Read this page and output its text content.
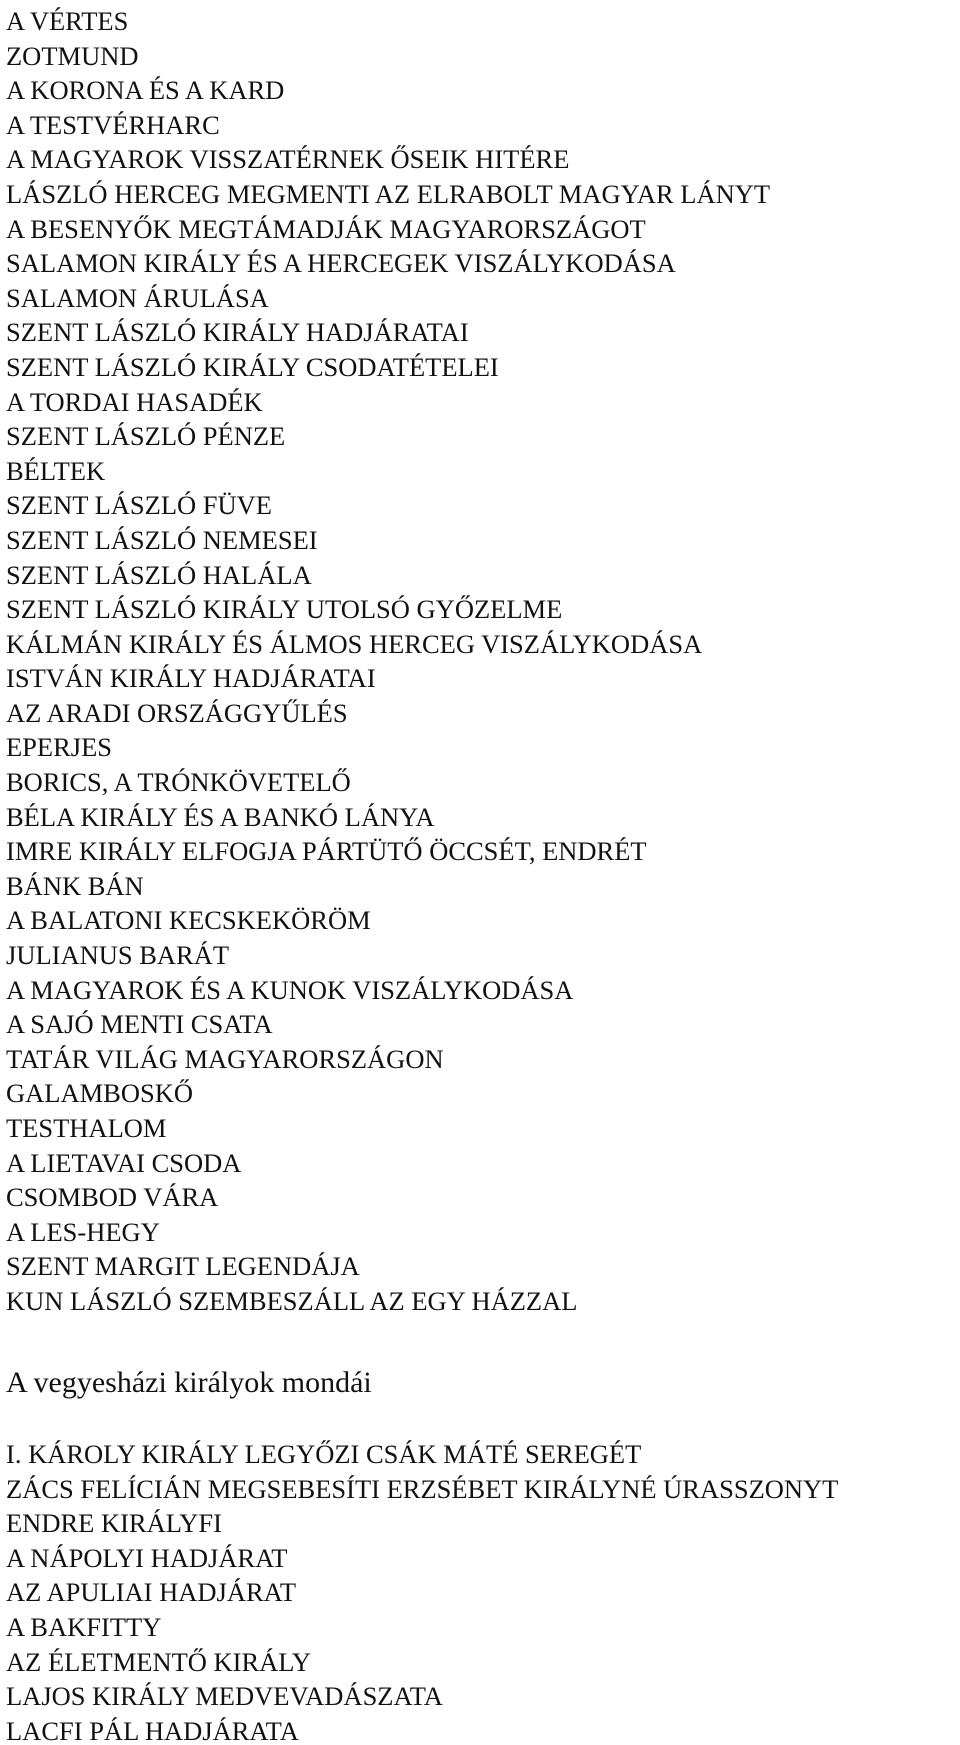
A VÉRTES
ZOTMUND
A KORONA ÉS A KARD
A TESTVÉRHARC
A MAGYAROK VISSZATÉRNEK ŐSEIK HITÉRE
LÁSZLÓ HERCEG MEGMENTI AZ ELRABOLT MAGYAR LÁNYT
A BESENYŐK MEGTÁMADJÁK MAGYARORSZÁGOT
SALAMON KIRÁLY ÉS A HERCEGEK VISZÁLYKODÁSA
SALAMON ÁRULÁSA
SZENT LÁSZLÓ KIRÁLY HADJÁRATAI
SZENT LÁSZLÓ KIRÁLY CSODATÉTELEI
A TORDAI HASADÉK
SZENT LÁSZLÓ PÉNZE
BÉLTEK
SZENT LÁSZLÓ FÜVE
SZENT LÁSZLÓ NEMESEI
SZENT LÁSZLÓ HALÁLA
SZENT LÁSZLÓ KIRÁLY UTOLSÓ GYŐZELME
KÁLMÁN KIRÁLY ÉS ÁLMOS HERCEG VISZÁLYKODÁSA
ISTVÁN KIRÁLY HADJÁRATAI
AZ ARADI ORSZÁGGYŰLÉS
EPERJES
BORICS, A TRÓNKÖVETELŐ
BÉLA KIRÁLY ÉS A BANKÓ LÁNYA
IMRE KIRÁLY ELFOGJA PÁRTÜTŐ ÖCCSÉT, ENDRÉT
BÁNK BÁN
A BALATONI KECSKEKÖRÖM
JULIANUS BARÁT
A MAGYAROK ÉS A KUNOK VISZÁLYKODÁSA
A SAJÓ MENTI CSATA
TATÁR VILÁG MAGYARORSZÁGON
GALAMBOSKŐ
TESTHALOM
A LIETAVAI CSODA
CSOMBOD VÁRA
A LES-HEGY
SZENT MARGIT LEGENDÁJA
KUN LÁSZLÓ SZEMBESZÁLL AZ EGY HÁZZAL
A vegyesházi királyok mondái
I. KÁROLY KIRÁLY LEGYŐZI CSÁK MÁTÉ SEREGÉT
ZÁCS FELÍCIÁN MEGSEBESÍTI ERZSÉBET KIRÁLYNÉ ÚRASSZONYT
ENDRE KIRÁLYFI
A NÁPOLYI HADJÁRAT
AZ APULIAI HADJÁRAT
A BAKFITTY
AZ ÉLETMENTŐ KIRÁLY
LAJOS KIRÁLY MEDVEVADÁSZATA
LACFI PÁL HADJÁRATA
